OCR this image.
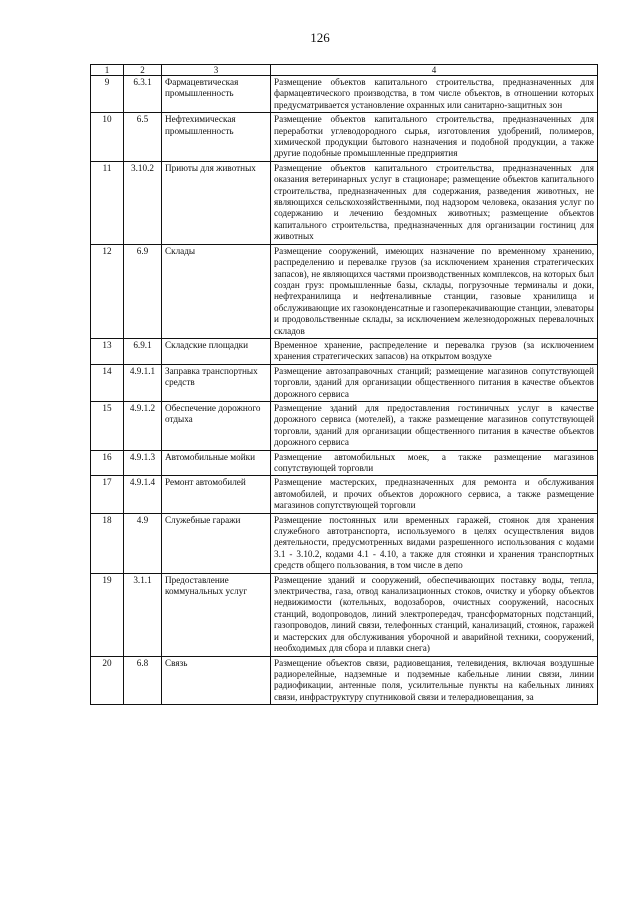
126
1	2	3	4
9	6.3.1	Фармацевтическая промышленность	Размещение объектов капитального строительства, предназначенных для фармацевтического производства, в том числе объектов, в отношении которых предусматривается установление охранных или санитарно-защитных зон
10	6.5	Нефтехимическая промышленность	Размещение объектов капитального строительства, предназначенных для переработки углеводородного сырья, изготовления удобрений, полимеров, химической продукции бытового назначения и подобной продукции, а также другие подобные промышленные предприятия
11	3.10.2	Приюты для животных	Размещение объектов капитального строительства, предназначенных для оказания ветеринарных услуг в стационаре; размещение объектов капитального строительства, предназначенных для содержания, разведения животных, не являющихся сельскохозяйственными, под надзором человека, оказания услуг по содержанию и лечению бездомных животных; размещение объектов капитального строительства, предназначенных для организации гостиниц для животных
12	6.9	Склады	Размещение сооружений, имеющих назначение по временному хранению, распределению и перевалке грузов (за исключением хранения стратегических запасов), не являющихся частями производственных комплексов, на которых был создан груз: промышленные базы, склады, погрузочные терминалы и доки, нефтехранилища и нефтеналивные станции, газовые хранилища и обслуживающие их газоконденсатные и газоперекачивающие станции, элеваторы и продовольственные склады, за исключением железнодорожных перевалочных складов
13	6.9.1	Складские площадки	Временное хранение, распределение и перевалка грузов (за исключением хранения стратегических запасов) на открытом воздухе
14	4.9.1.1	Заправка транспортных средств	Размещение автозаправочных станций; размещение магазинов сопутствующей торговли, зданий для организации общественного питания в качестве объектов дорожного сервиса
15	4.9.1.2	Обеспечение дорожного отдыха	Размещение зданий для предоставления гостиничных услуг в качестве дорожного сервиса (мотелей), а также размещение магазинов сопутствующей торговли, зданий для организации общественного питания в качестве объектов дорожного сервиса
16	4.9.1.3	Автомобильные мойки	Размещение автомобильных моек, а также размещение магазинов сопутствующей торговли
17	4.9.1.4	Ремонт автомобилей	Размещение мастерских, предназначенных для ремонта и обслуживания автомобилей, и прочих объектов дорожного сервиса, а также размещение магазинов сопутствующей торговли
18	4.9	Служебные гаражи	Размещение постоянных или временных гаражей, стоянок для хранения служебного автотранспорта, используемого в целях осуществления видов деятельности, предусмотренных видами разрешенного использования с кодами 3.1 - 3.10.2, кодами 4.1 - 4.10, а также для стоянки и хранения транспортных средств общего пользования, в том числе в депо
19	3.1.1	Предоставление коммунальных услуг	Размещение зданий и сооружений, обеспечивающих поставку воды, тепла, электричества, газа, отвод канализационных стоков, очистку и уборку объектов недвижимости (котельных, водозаборов, очистных сооружений, насосных станций, водопроводов, линий электропередач, трансформаторных подстанций, газопроводов, линий связи, телефонных станций, канализаций, стоянок, гаражей и мастерских для обслуживания уборочной и аварийной техники, сооружений, необходимых для сбора и плавки снега)
20	6.8	Связь	Размещение объектов связи, радиовещания, телевидения, включая воздушные радиорелейные, надземные и подземные кабельные линии связи, линии радиофикации, антенные поля, усилительные пункты на кабельных линиях связи, инфраструктуру спутниковой связи и телерадиовещания, за
